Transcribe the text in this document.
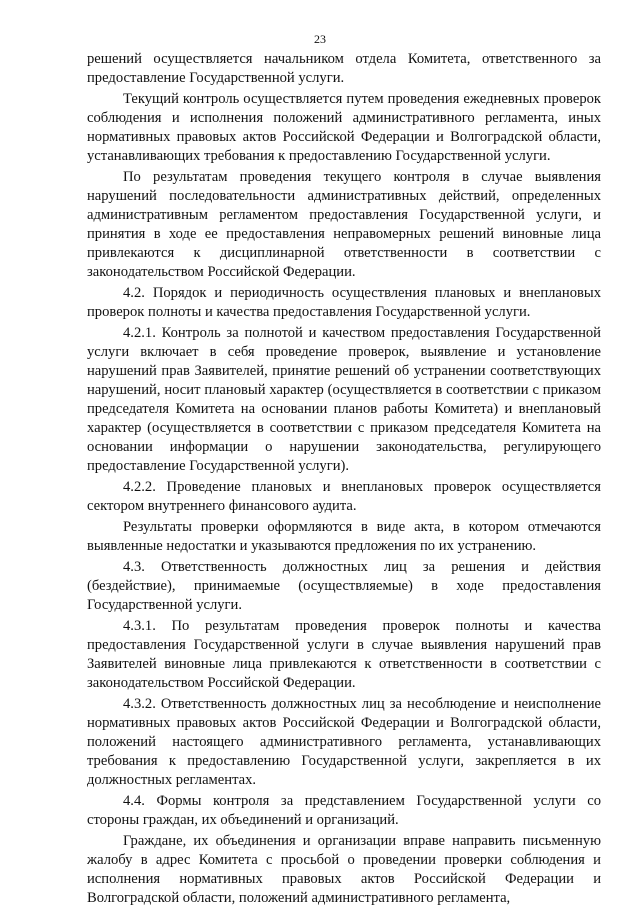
23

решений осуществляется начальником отдела Комитета, ответственного за предоставление Государственной услуги.

Текущий контроль осуществляется путем проведения ежедневных проверок соблюдения и исполнения положений административного регламента, иных нормативных правовых актов Российской Федерации и Волгоградской области, устанавливающих требования к предоставлению Государственной услуги.

По результатам проведения текущего контроля в случае выявления нарушений последовательности административных действий, определенных административным регламентом предоставления Государственной услуги, и принятия в ходе ее предоставления неправомерных решений виновные лица привлекаются к дисциплинарной ответственности в соответствии с законодательством Российской Федерации.

4.2. Порядок и периодичность осуществления плановых и внеплановых проверок полноты и качества предоставления Государственной услуги.

4.2.1. Контроль за полнотой и качеством предоставления Государственной услуги включает в себя проведение проверок, выявление и установление нарушений прав Заявителей, принятие решений об устранении соответствующих нарушений, носит плановый характер (осуществляется в соответствии с приказом председателя Комитета на основании планов работы Комитета) и внеплановый характер (осуществляется в соответствии с приказом председателя Комитета на основании информации о нарушении законодательства, регулирующего предоставление Государственной услуги).

4.2.2. Проведение плановых и внеплановых проверок осуществляется сектором внутреннего финансового аудита.

Результаты проверки оформляются в виде акта, в котором отмечаются выявленные недостатки и указываются предложения по их устранению.

4.3. Ответственность должностных лиц за решения и действия (бездействие), принимаемые (осуществляемые) в ходе предоставления Государственной услуги.

4.3.1. По результатам проведения проверок полноты и качества предоставления Государственной услуги в случае выявления нарушений прав Заявителей виновные лица привлекаются к ответственности в соответствии с законодательством Российской Федерации.

4.3.2. Ответственность должностных лиц за несоблюдение и неисполнение нормативных правовых актов Российской Федерации и Волгоградской области, положений настоящего административного регламента, устанавливающих требования к предоставлению Государственной услуги, закрепляется в их должностных регламентах.

4.4. Формы контроля за представлением Государственной услуги со стороны граждан, их объединений и организаций.

Граждане, их объединения и организации вправе направить письменную жалобу в адрес Комитета с просьбой о проведении проверки соблюдения и исполнения нормативных правовых актов Российской Федерации и Волгоградской области, положений административного регламента,
